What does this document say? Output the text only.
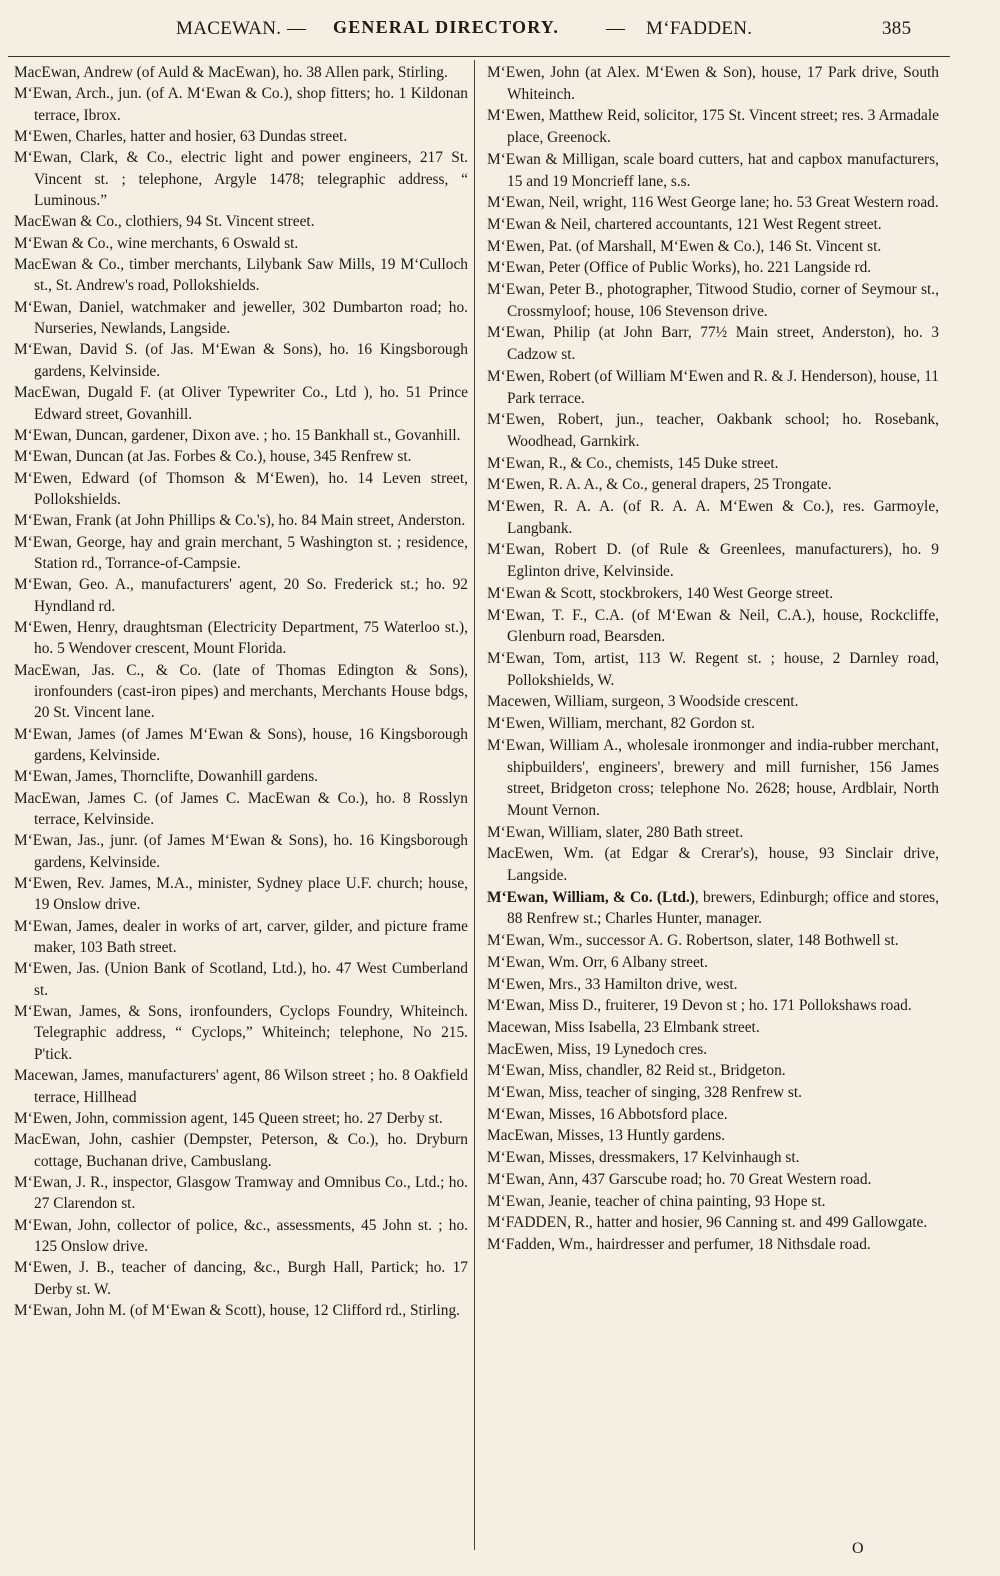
MACEWAN. — GENERAL DIRECTORY. — M‘FADDEN.	385

MacEwan, Andrew (of Auld & MacEwan), ho. 38 Allen park, Stirling.

M‘Ewan, Arch., jun. (of A. M‘Ewan & Co.), shop fitters; ho. 1 Kildonan terrace, Ibrox.

M‘Ewen, Charles, hatter and hosier, 63 Dundas street.

M‘Ewan, Clark, & Co., electric light and power engineers, 217 St. Vincent st. ; telephone, Argyle 1478; telegraphic address, “ Luminous.”

MacEwan & Co., clothiers, 94 St. Vincent street.

M‘Ewan & Co., wine merchants, 6 Oswald st.

MacEwan & Co., timber merchants, Lilybank Saw Mills, 19 M‘Culloch st., St. Andrew's road, Pollokshields.

M‘Ewan, Daniel, watchmaker and jeweller, 302 Dumbarton road; ho. Nurseries, Newlands, Langside.

M‘Ewan, David S. (of Jas. M‘Ewan & Sons), ho. 16 Kingsborough gardens, Kelvinside.

MacEwan, Dugald F. (at Oliver Typewriter Co., Ltd ), ho. 51 Prince Edward street, Govanhill.

M‘Ewan, Duncan, gardener, Dixon ave. ; ho. 15 Bankhall st., Govanhill.

M‘Ewan, Duncan (at Jas. Forbes & Co.), house, 345 Renfrew st.

M‘Ewen, Edward (of Thomson & M‘Ewen), ho. 14 Leven street, Pollokshields.

M‘Ewan, Frank (at John Phillips & Co.'s), ho. 84 Main street, Anderston.

M‘Ewan, George, hay and grain merchant, 5 Washington st. ; residence, Station rd., Torrance-of-Campsie.

M‘Ewan, Geo. A., manufacturers' agent, 20 So. Frederick st.; ho. 92 Hyndland rd.

M‘Ewen, Henry, draughtsman (Electricity Department, 75 Waterloo st.), ho. 5 Wendover crescent, Mount Florida.

MacEwan, Jas. C., & Co. (late of Thomas Edington & Sons), ironfounders (cast-iron pipes) and merchants, Merchants House bdgs, 20 St. Vincent lane.

M‘Ewan, James (of James M‘Ewan & Sons), house, 16 Kingsborough gardens, Kelvinside.

M‘Ewan, James, Thornclifte, Dowanhill gardens.

MacEwan, James C. (of James C. MacEwan & Co.), ho. 8 Rosslyn terrace, Kelvinside.

M‘Ewan, Jas., junr. (of James M‘Ewan & Sons), ho. 16 Kingsborough gardens, Kelvinside.

M‘Ewen, Rev. James, M.A., minister, Sydney place U.F. church; house, 19 Onslow drive.

M‘Ewan, James, dealer in works of art, carver, gilder, and picture frame maker, 103 Bath street.

M‘Ewen, Jas. (Union Bank of Scotland, Ltd.), ho. 47 West Cumberland st.

M‘Ewan, James, & Sons, ironfounders, Cyclops Foundry, Whiteinch. Telegraphic address, “ Cyclops,” Whiteinch; telephone, No 215. P'tick.

Macewan, James, manufacturers' agent, 86 Wilson street ; ho. 8 Oakfield terrace, Hillhead

M‘Ewen, John, commission agent, 145 Queen street; ho. 27 Derby st.

MacEwan, John, cashier (Dempster, Peterson, & Co.), ho. Dryburn cottage, Buchanan drive, Cambuslang.

M‘Ewan, J. R., inspector, Glasgow Tramway and Omnibus Co., Ltd.; ho. 27 Clarendon st.

M‘Ewan, John, collector of police, &c., assessments, 45 John st. ; ho. 125 Onslow drive.

M‘Ewen, J. B., teacher of dancing, &c., Burgh Hall, Partick; ho. 17 Derby st. W.

M‘Ewan, John M. (of M‘Ewan & Scott), house, 12 Clifford rd., Stirling.

M‘Ewen, John (at Alex. M‘Ewen & Son), house, 17 Park drive, South Whiteinch.

M‘Ewen, Matthew Reid, solicitor, 175 St. Vincent street; res. 3 Armadale place, Greenock.

M‘Ewan & Milligan, scale board cutters, hat and capbox manufacturers, 15 and 19 Moncrieff lane, s.s.

M‘Ewan, Neil, wright, 116 West George lane; ho. 53 Great Western road.

M‘Ewan & Neil, chartered accountants, 121 West Regent street.

M‘Ewen, Pat. (of Marshall, M‘Ewen & Co.), 146 St. Vincent st.

M‘Ewan, Peter (Office of Public Works), ho. 221 Langside rd.

M‘Ewan, Peter B., photographer, Titwood Studio, corner of Seymour st., Crossmyloof; house, 106 Stevenson drive.

M‘Ewan, Philip (at John Barr, 77½ Main street, Anderston), ho. 3 Cadzow st.

M‘Ewen, Robert (of William M‘Ewen and R. & J. Henderson), house, 11 Park terrace.

M‘Ewen, Robert, jun., teacher, Oakbank school; ho. Rosebank, Woodhead, Garnkirk.

M‘Ewan, R., & Co., chemists, 145 Duke street.

M‘Ewen, R. A. A., & Co., general drapers, 25 Trongate.

M‘Ewen, R. A. A. (of R. A. A. M‘Ewen & Co.), res. Garmoyle, Langbank.

M‘Ewan, Robert D. (of Rule & Greenlees, manufacturers), ho. 9 Eglinton drive, Kelvinside.

M‘Ewan & Scott, stockbrokers, 140 West George street.

M‘Ewan, T. F., C.A. (of M‘Ewan & Neil, C.A.), house, Rockcliffe, Glenburn road, Bearsden.

M‘Ewan, Tom, artist, 113 W. Regent st. ; house, 2 Darnley road, Pollokshields, W.

Macewen, William, surgeon, 3 Woodside crescent.

M‘Ewen, William, merchant, 82 Gordon st.

M‘Ewan, William A., wholesale ironmonger and india-rubber merchant, shipbuilders', engineers', brewery and mill furnisher, 156 James street, Bridgeton cross; telephone No. 2628; house, Ardblair, North Mount Vernon.

M‘Ewan, William, slater, 280 Bath street.

MacEwen, Wm. (at Edgar & Crerar's), house, 93 Sinclair drive, Langside.

M‘Ewan, William, & Co. (Ltd.), brewers, Edinburgh; office and stores, 88 Renfrew st.; Charles Hunter, manager.

M‘Ewan, Wm., successor A. G. Robertson, slater, 148 Bothwell st.

M‘Ewan, Wm. Orr, 6 Albany street.

M‘Ewen, Mrs., 33 Hamilton drive, west.

M‘Ewan, Miss D., fruiterer, 19 Devon st ; ho. 171 Pollokshaws road.

Macewan, Miss Isabella, 23 Elmbank street.

MacEwen, Miss, 19 Lynedoch cres.

M‘Ewan, Miss, chandler, 82 Reid st., Bridgeton.

M‘Ewan, Miss, teacher of singing, 328 Renfrew st.

M‘Ewan, Misses, 16 Abbotsford place.

MacEwan, Misses, 13 Huntly gardens.

M‘Ewan, Misses, dressmakers, 17 Kelvinhaugh st.

M‘Ewan, Ann, 437 Garscube road; ho. 70 Great Western road.

M‘Ewan, Jeanie, teacher of china painting, 93 Hope st.

M‘FADDEN, R., hatter and hosier, 96 Canning st. and 499 Gallowgate.

M‘Fadden, Wm., hairdresser and perfumer, 18 Nithsdale road.

O
